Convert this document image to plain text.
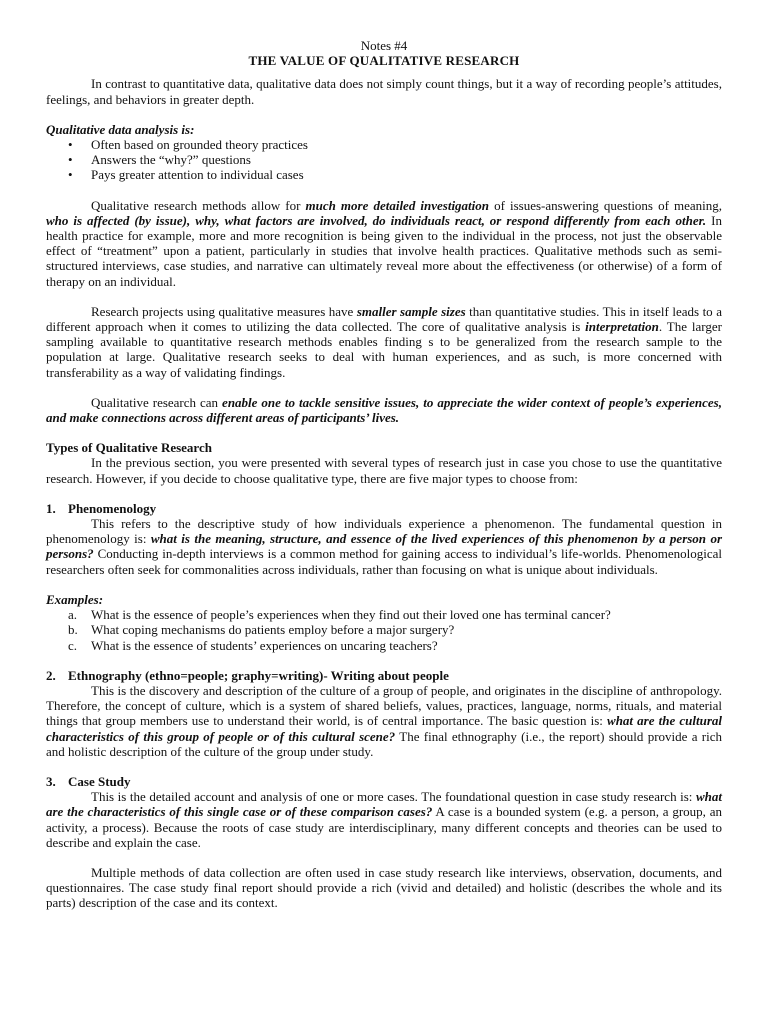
Notes #4
THE VALUE OF QUALITATIVE RESEARCH

In contrast to quantitative data, qualitative data does not simply count things, but it a way of recording people’s attitudes, feelings, and behaviors in greater depth.

Qualitative data analysis is:
• Often based on grounded theory practices
• Answers the “why?” questions
• Pays greater attention to individual cases

Qualitative research methods allow for much more detailed investigation of issues-answering questions of meaning, who is affected (by issue), why, what factors are involved, do individuals react, or respond differently from each other. In health practice for example, more and more recognition is being given to the individual in the process, not just the observable effect of “treatment” upon a patient, particularly in studies that involve health practices. Qualitative methods such as semi-structured interviews, case studies, and narrative can ultimately reveal more about the effectiveness (or otherwise) of a form of therapy on an individual.

Research projects using qualitative measures have smaller sample sizes than quantitative studies. This in itself leads to a different approach when it comes to utilizing the data collected. The core of qualitative analysis is interpretation. The larger sampling available to quantitative research methods enables finding s to be generalized from the research sample to the population at large. Qualitative research seeks to deal with human experiences, and as such, is more concerned with transferability as a way of validating findings.

Qualitative research can enable one to tackle sensitive issues, to appreciate the wider context of people’s experiences, and make connections across different areas of participants’ lives.

Types of Qualitative Research

In the previous section, you were presented with several types of research just in case you chose to use the quantitative research. However, if you decide to choose qualitative type, there are five major types to choose from:

1. Phenomenology

This refers to the descriptive study of how individuals experience a phenomenon. The fundamental question in phenomenology is: what is the meaning, structure, and essence of the lived experiences of this phenomenon by a person or persons? Conducting in-depth interviews is a common method for gaining access to individual’s life-worlds. Phenomenological researchers often seek for commonalities across individuals, rather than focusing on what is unique about individuals.

Examples:
a. What is the essence of people’s experiences when they find out their loved one has terminal cancer?
b. What coping mechanisms do patients employ before a major surgery?
c. What is the essence of students’ experiences on uncaring teachers?
2. Ethnography (ethno=people; graphy=writing)- Writing about people

This is the discovery and description of the culture of a group of people, and originates in the discipline of anthropology. Therefore, the concept of culture, which is a system of shared beliefs, values, practices, language, norms, rituals, and material things that group members use to understand their world, is of central importance. The basic question is: what are the cultural characteristics of this group of people or of this cultural scene? The final ethnography (i.e., the report) should provide a rich and holistic description of the culture of the group under study.

3. Case Study

This is the detailed account and analysis of one or more cases. The foundational question in case study research is: what are the characteristics of this single case or of these comparison cases? A case is a bounded system (e.g. a person, a group, an activity, a process). Because the roots of case study are interdisciplinary, many different concepts and theories can be used to describe and explain the case.

Multiple methods of data collection are often used in case study research like interviews, observation, documents, and questionnaires. The case study final report should provide a rich (vivid and detailed) and holistic (describes the whole and its parts) description of the case and its context.
